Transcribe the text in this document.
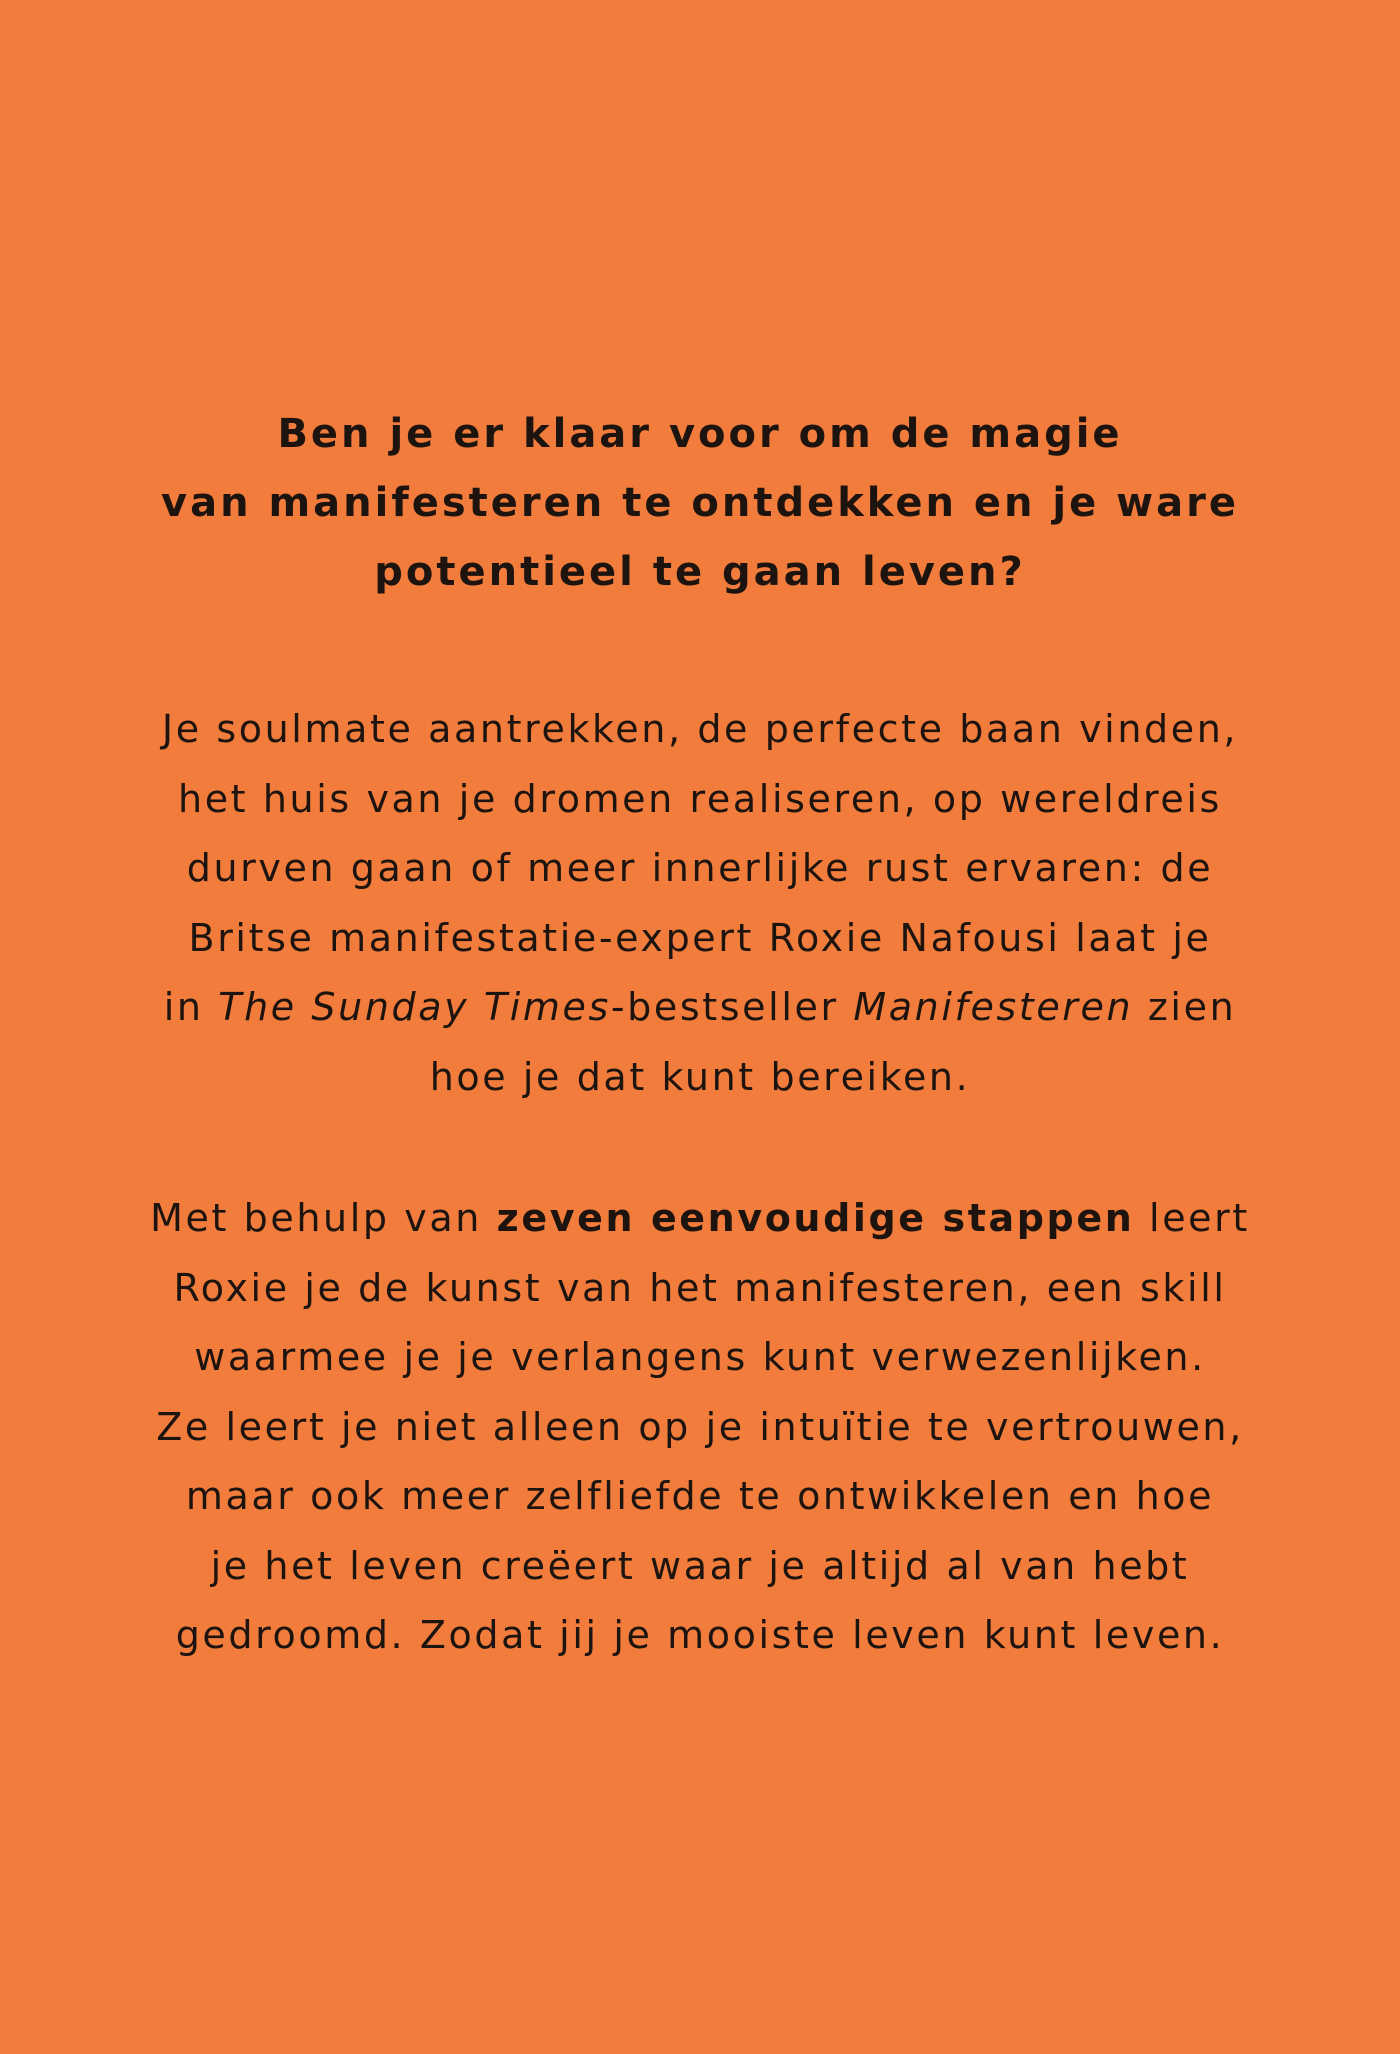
Ben je er klaar voor om de magie
van manifesteren te ontdekken en je ware
potentieel te gaan leven?
Je soulmate aantrekken, de perfecte baan vinden,
het huis van je dromen realiseren, op wereldreis
durven gaan of meer innerlijke rust ervaren: de
Britse manifestatie-expert Roxie Nafousi laat je
in The Sunday Times-bestseller Manifesteren zien
hoe je dat kunt bereiken.
Met behulp van zeven eenvoudige stappen leert
Roxie je de kunst van het manifesteren, een skill
waarmee je je verlangens kunt verwezenlijken.
Ze leert je niet alleen op je intuïtie te vertrouwen,
maar ook meer zelfliefde te ontwikkelen en hoe
je het leven creëert waar je altijd al van hebt
gedroomd. Zodat jij je mooiste leven kunt leven.
